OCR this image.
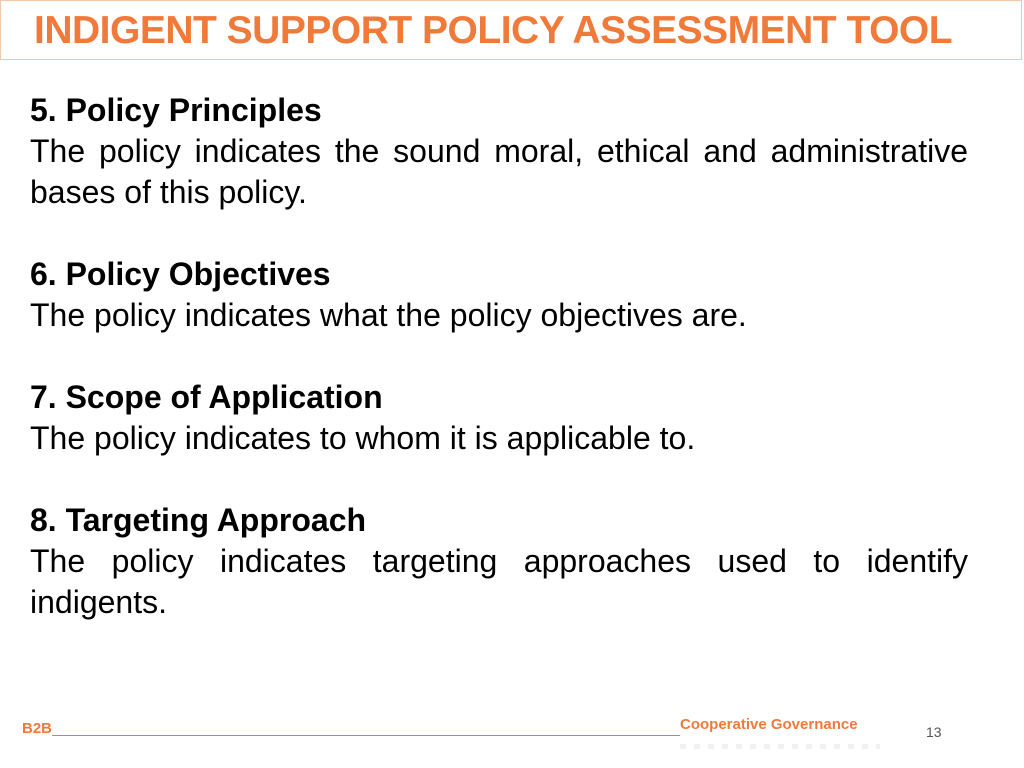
INDIGENT SUPPORT POLICY ASSESSMENT TOOL
5. Policy Principles
The policy indicates the sound moral, ethical and administrative bases of this policy.
6. Policy Objectives
The policy indicates what the policy objectives are.
7. Scope of Application
The policy indicates to whom it is applicable to.
8. Targeting Approach
The policy indicates targeting approaches used to identify indigents.
B2B	Cooperative Governance	13
